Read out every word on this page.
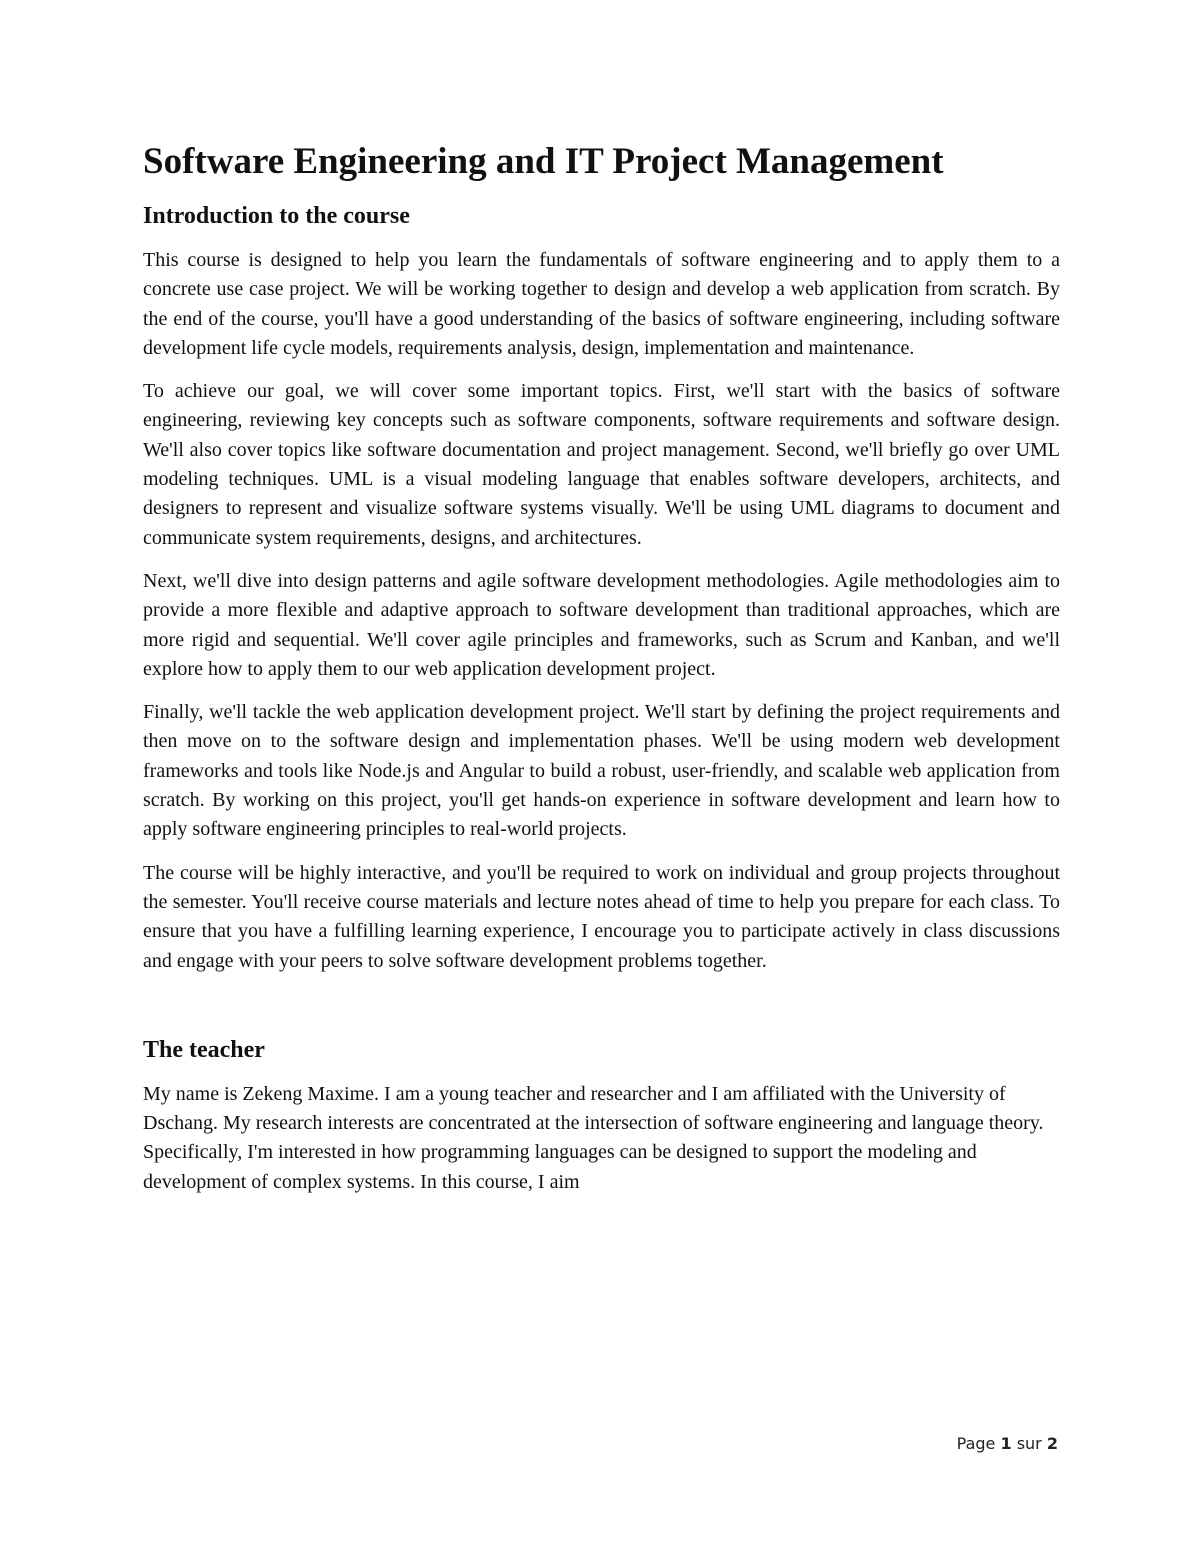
Software Engineering and IT Project Management
Introduction to the course

This course is designed to help you learn the fundamentals of software engineering and to apply them to a concrete use case project. We will be working together to design and develop a web application from scratch. By the end of the course, you'll have a good understanding of the basics of software engineering, including software development life cycle models, requirements analysis, design, implementation and maintenance.

To achieve our goal, we will cover some important topics. First, we'll start with the basics of software engineering, reviewing key concepts such as software components, software requirements and software design. We'll also cover topics like software documentation and project management. Second, we'll briefly go over UML modeling techniques. UML is a visual modeling language that enables software developers, architects, and designers to represent and visualize software systems visually. We'll be using UML diagrams to document and communicate system requirements, designs, and architectures.

Next, we'll dive into design patterns and agile software development methodologies. Agile methodologies aim to provide a more flexible and adaptive approach to software development than traditional approaches, which are more rigid and sequential. We'll cover agile principles and frameworks, such as Scrum and Kanban, and we'll explore how to apply them to our web application development project.

Finally, we'll tackle the web application development project. We'll start by defining the project requirements and then move on to the software design and implementation phases. We'll be using modern web development frameworks and tools like Node.js and Angular to build a robust, user-friendly, and scalable web application from scratch. By working on this project, you'll get hands-on experience in software development and learn how to apply software engineering principles to real-world projects.

The course will be highly interactive, and you'll be required to work on individual and group projects throughout the semester. You'll receive course materials and lecture notes ahead of time to help you prepare for each class. To ensure that you have a fulfilling learning experience, I encourage you to participate actively in class discussions and engage with your peers to solve software development problems together.

The teacher

My name is Zekeng Maxime. I am a young teacher and researcher and I am affiliated with the University of Dschang. My research interests are concentrated at the intersection of software engineering and language theory. Specifically, I'm interested in how programming languages can be designed to support the modeling and development of complex systems. In this course, I aim

Page 1 sur 2
